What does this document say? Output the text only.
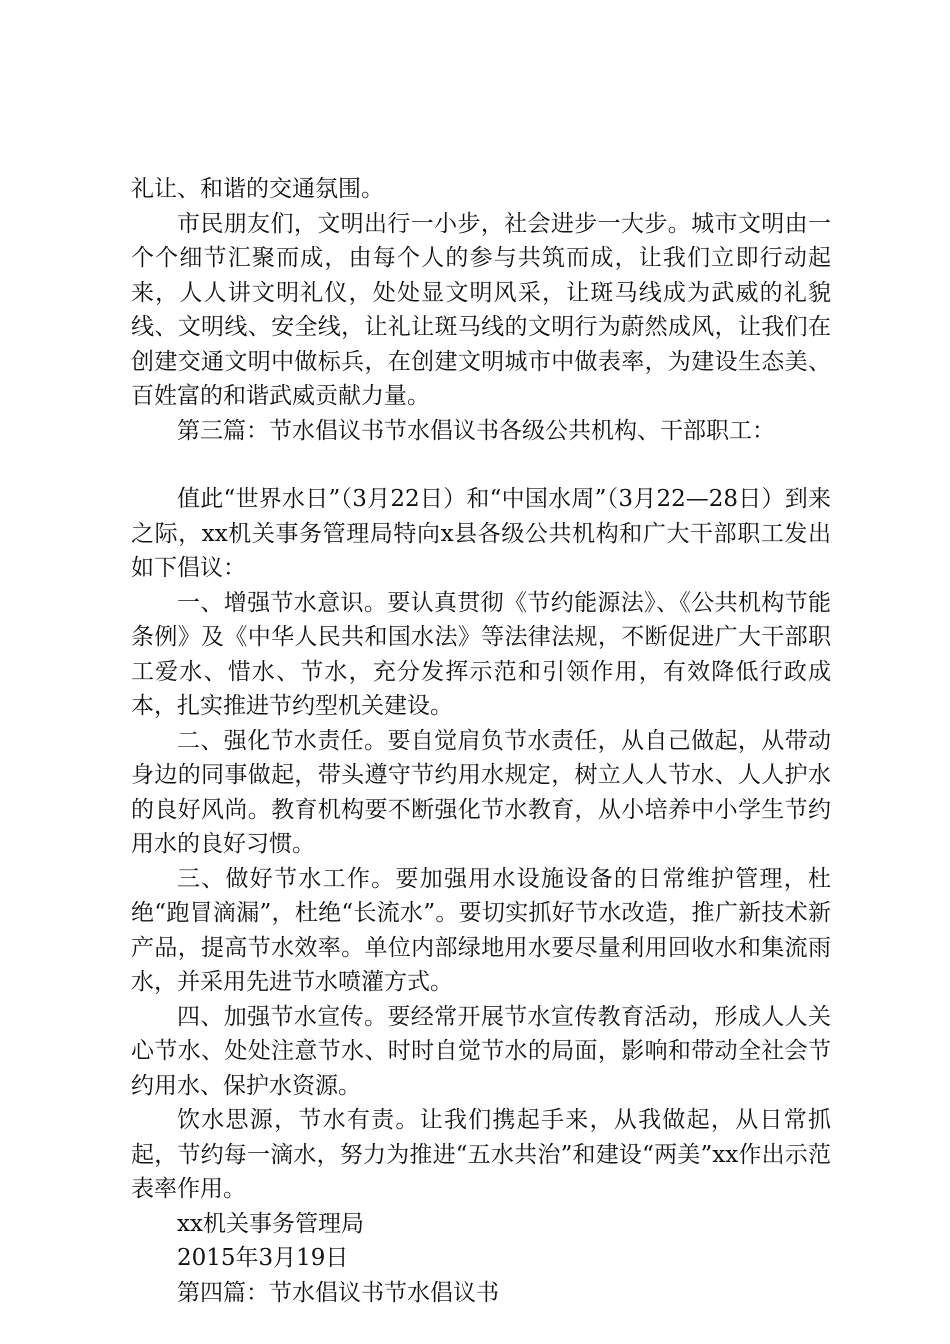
礼让、和谐的交通氛围。

市民朋友们，文明出行一小步，社会进步一大步。城市文明由一个个细节汇聚而成，由每个人的参与共筑而成，让我们立即行动起来，人人讲文明礼仪，处处显文明风采，让斑马线成为武威的礼貌线、文明线、安全线，让礼让斑马线的文明行为蔚然成风，让我们在创建交通文明中做标兵，在创建文明城市中做表率，为建设生态美、百姓富的和谐武威贡献力量。

第三篇：节水倡议书节水倡议书各级公共机构、干部职工：

值此“世界水日”（3月22日）和“中国水周”（3月22—28日）到来之际，xx机关事务管理局特向x县各级公共机构和广大干部职工发出如下倡议：

一、增强节水意识。要认真贯彻《节约能源法》、《公共机构节能条例》及《中华人民共和国水法》等法律法规，不断促进广大干部职工爱水、惜水、节水，充分发挥示范和引领作用，有效降低行政成本，扎实推进节约型机关建设。

二、强化节水责任。要自觉肩负节水责任，从自己做起，从带动身边的同事做起，带头遵守节约用水规定，树立人人节水、人人护水的良好风尚。教育机构要不断强化节水教育，从小培养中小学生节约用水的良好习惯。

三、做好节水工作。要加强用水设施设备的日常维护管理，杜绝“跑冒滴漏”，杜绝“长流水”。要切实抓好节水改造，推广新技术新产品，提高节水效率。单位内部绿地用水要尽量利用回收水和集流雨水，并采用先进节水喷灌方式。

四、加强节水宣传。要经常开展节水宣传教育活动，形成人人关心节水、处处注意节水、时时自觉节水的局面，影响和带动全社会节约用水、保护水资源。

饮水思源，节水有责。让我们携起手来，从我做起，从日常抓起，节约每一滴水，努力为推进“五水共治”和建设“两美”xx作出示范表率作用。

xx机关事务管理局

2015年3月19日

第四篇：节水倡议书节水倡议书
